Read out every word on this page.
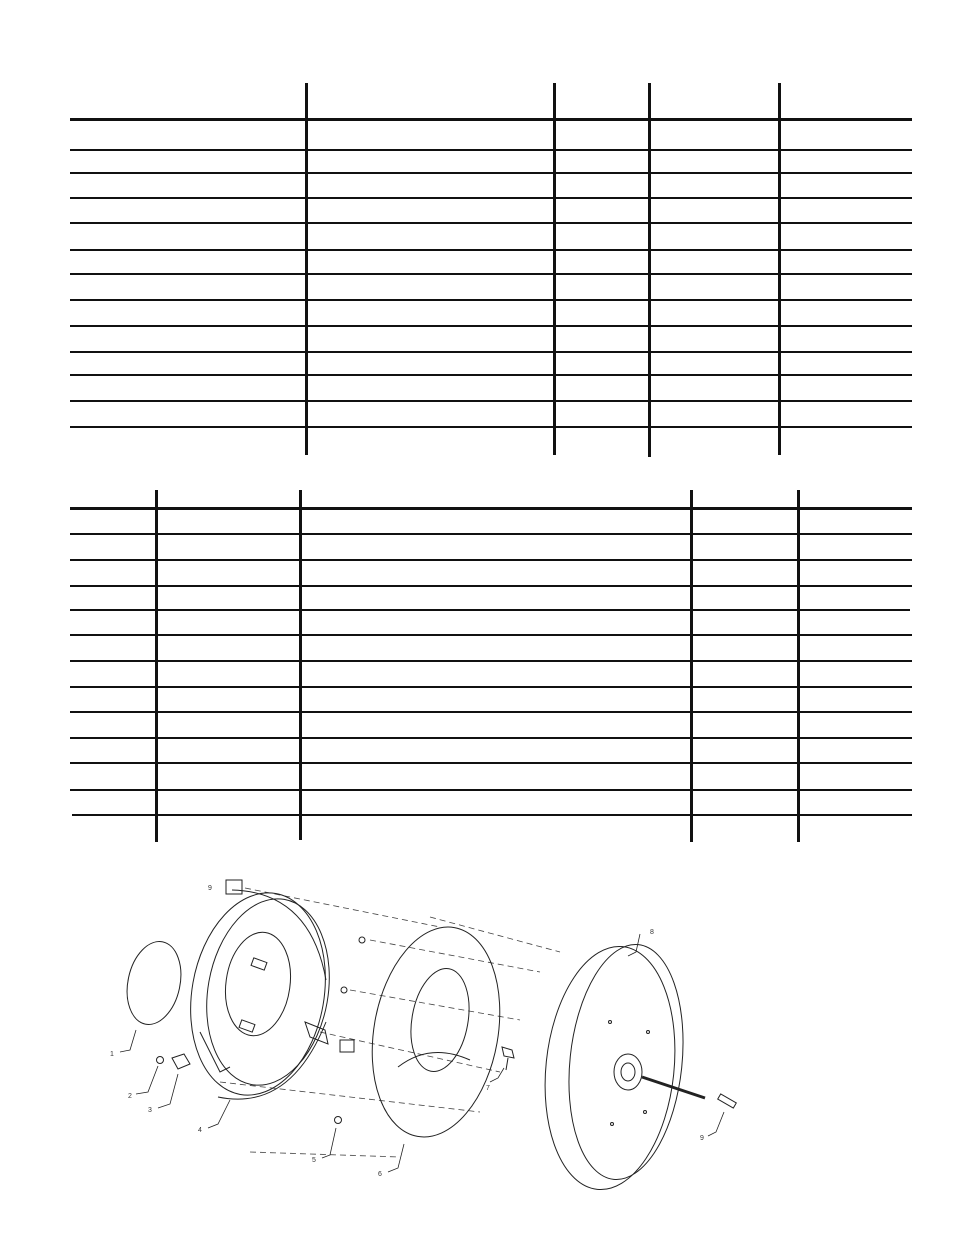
1
2
3
4
5
6
7
8
9
9
